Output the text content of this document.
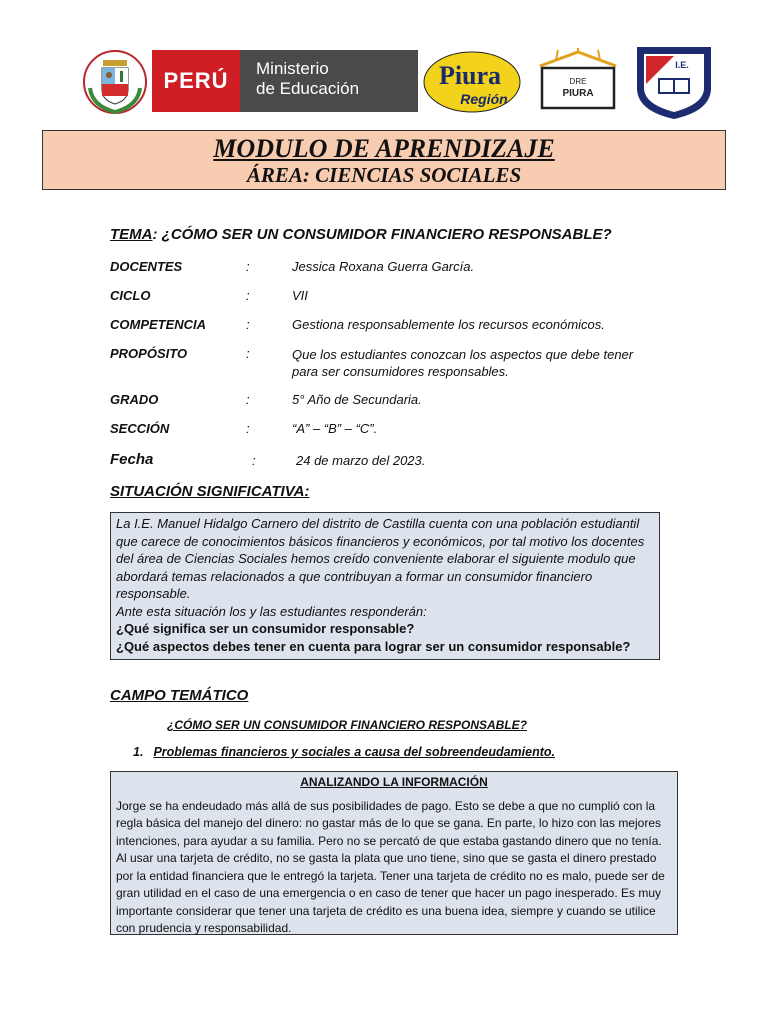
PERÚ	Ministerio
de Educación	Piura
Región
DRE
PIURA
I.E.
MODULO DE APRENDIZAJE
ÁREA: CIENCIAS SOCIALES
TEMA: ¿CÓMO SER UN CONSUMIDOR FINANCIERO RESPONSABLE?
DOCENTES	:	Jessica Roxana Guerra García.
CICLO	:	VII
COMPETENCIA	:	Gestiona responsablemente los recursos económicos.
PROPÓSITO	:	Que los estudiantes conozcan los aspectos que debe tener para ser consumidores responsables.
GRADO	:	5° Año de Secundaria.
SECCIÓN	:	“A” – “B” – “C”.
Fecha	:	24 de marzo del 2023.
SITUACIÓN SIGNIFICATIVA:

La I.E. Manuel Hidalgo Carnero del distrito de Castilla cuenta con una población estudiantil que carece de conocimientos básicos financieros y económicos, por tal motivo los docentes del área de Ciencias Sociales hemos creído conveniente elaborar el siguiente modulo que abordará temas relacionados a que contribuyan a formar un consumidor financiero responsable.

Ante esta situación los y las estudiantes responderán:

¿Qué significa ser un consumidor responsable?

¿Qué aspectos debes tener en cuenta para lograr ser un consumidor responsable?

CAMPO TEMÁTICO
¿CÓMO SER UN CONSUMIDOR FINANCIERO RESPONSABLE?
1. Problemas financieros y sociales a causa del sobreendeudamiento.
ANALIZANDO LA INFORMACIÓN

Jorge se ha endeudado más allá de sus posibilidades de pago. Esto se debe a que no cumplió con la regla básica del manejo del dinero: no gastar más de lo que se gana. En parte, lo hizo con las mejores intenciones, para ayudar a su familia. Pero no se percató de que estaba gastando dinero que no tenía. Al usar una tarjeta de crédito, no se gasta la plata que uno tiene, sino que se gasta el dinero prestado por la entidad financiera que le entregó la tarjeta. Tener una tarjeta de crédito no es malo, puede ser de gran utilidad en el caso de una emergencia o en caso de tener que hacer un pago inesperado. Es muy importante considerar que tener una tarjeta de crédito es una buena idea, siempre y cuando se utilice con prudencia y responsabilidad.
